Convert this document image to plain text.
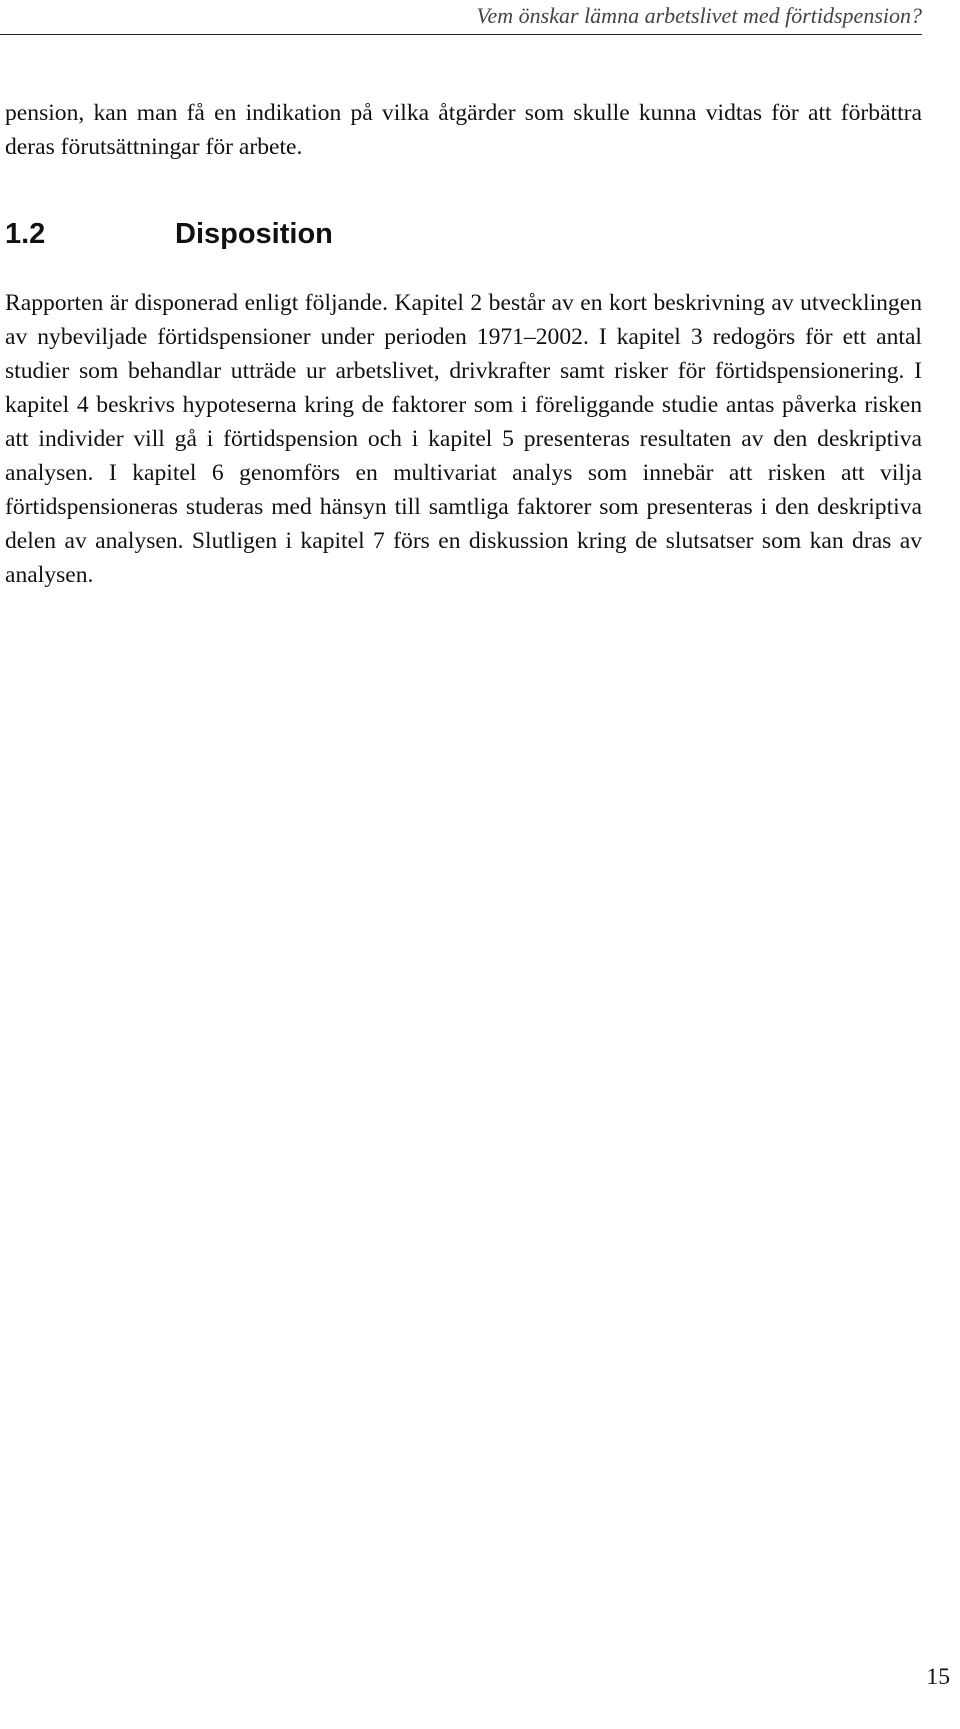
Vem önskar lämna arbetslivet med förtidspension?

pension, kan man få en indikation på vilka åtgärder som skulle kunna vidtas för att förbättra deras förutsättningar för arbete.

1.2	Disposition

Rapporten är disponerad enligt följande. Kapitel 2 består av en kort beskrivning av utvecklingen av nybeviljade förtidspensioner under perioden 1971–2002. I kapitel 3 redogörs för ett antal studier som behandlar utträde ur arbetslivet, drivkrafter samt risker för förtidspensionering. I kapitel 4 beskrivs hypoteserna kring de faktorer som i föreliggande studie antas påverka risken att individer vill gå i förtidspension och i kapitel 5 presenteras resultaten av den deskriptiva analysen. I kapitel 6 genomförs en multivariat analys som innebär att risken att vilja förtidspensioneras studeras med hänsyn till samtliga faktorer som presenteras i den deskriptiva delen av analysen. Slutligen i kapitel 7 förs en diskussion kring de slutsatser som kan dras av analysen.

15
